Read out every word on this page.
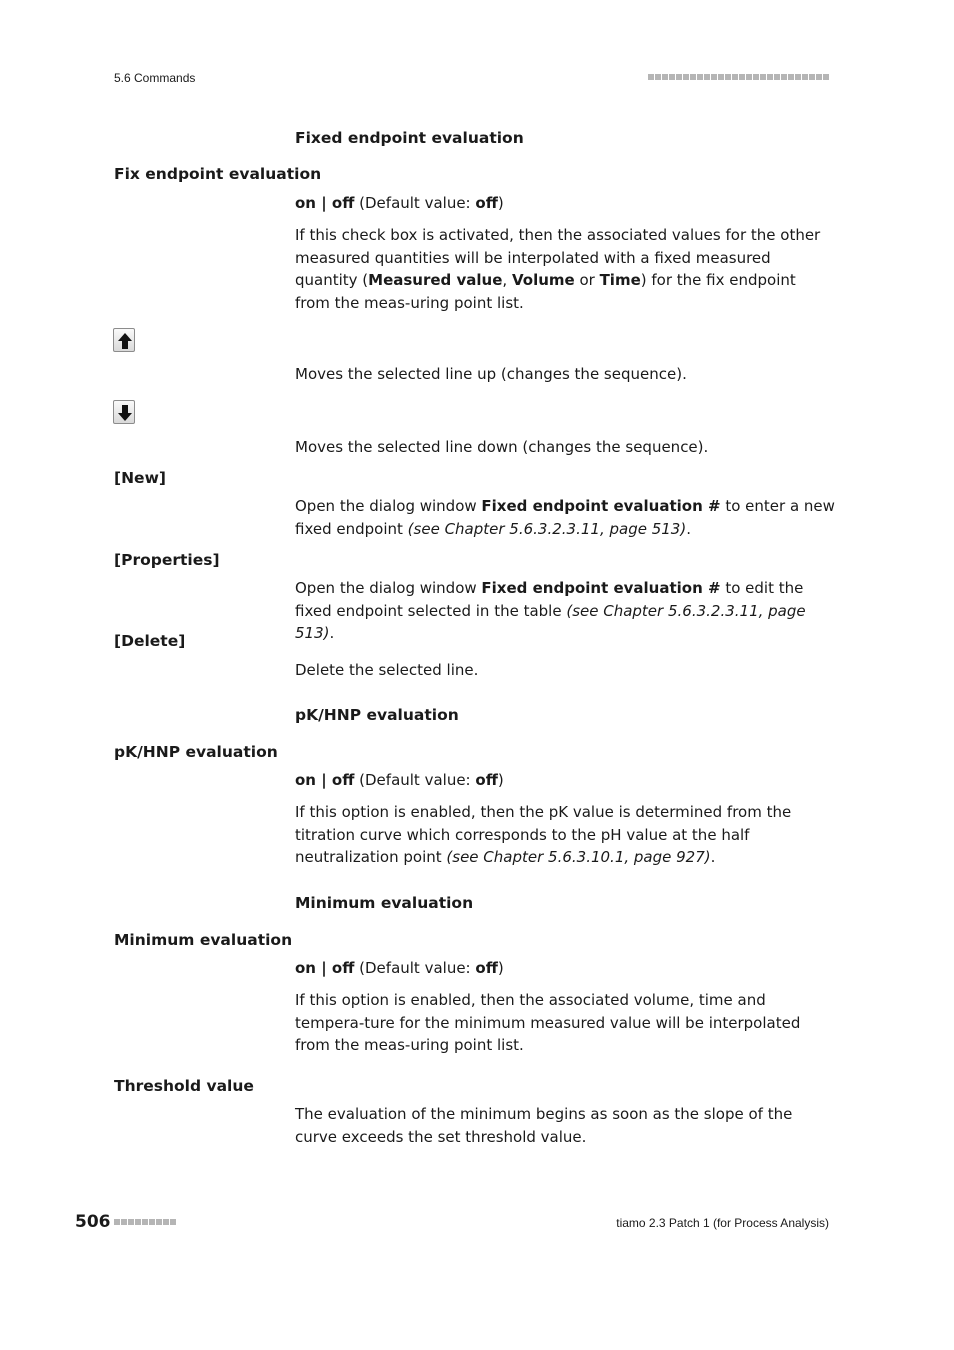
5.6 Commands
Fixed endpoint evaluation
Fix endpoint evaluation
on | off (Default value: off)
If this check box is activated, then the associated values for the other measured quantities will be interpolated with a fixed measured quantity (Measured value, Volume or Time) for the fix endpoint from the meas-uring point list.
Moves the selected line up (changes the sequence).
Moves the selected line down (changes the sequence).
[New]
Open the dialog window Fixed endpoint evaluation # to enter a new fixed endpoint (see Chapter 5.6.3.2.3.11, page 513).
[Properties]
Open the dialog window Fixed endpoint evaluation # to edit the fixed endpoint selected in the table (see Chapter 5.6.3.2.3.11, page 513).
[Delete]
Delete the selected line.
pK/HNP evaluation
pK/HNP evaluation
on | off (Default value: off)
If this option is enabled, then the pK value is determined from the titration curve which corresponds to the pH value at the half neutralization point (see Chapter 5.6.3.10.1, page 927).
Minimum evaluation
Minimum evaluation
on | off (Default value: off)
If this option is enabled, then the associated volume, time and tempera-ture for the minimum measured value will be interpolated from the meas-uring point list.
Threshold value
The evaluation of the minimum begins as soon as the slope of the curve exceeds the set threshold value.
506	tiamo 2.3 Patch 1 (for Process Analysis)
